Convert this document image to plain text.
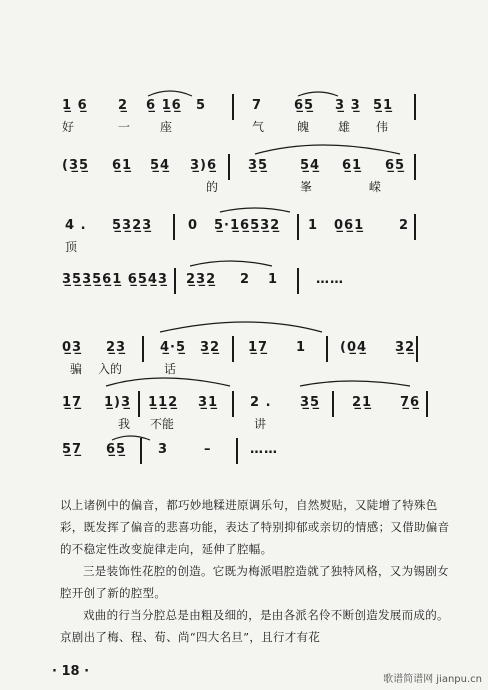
1̲ 6̲ 2̲ 6̲ 1̲6̲ 5	7 6̲5̲ 3̲ 3̲ 5̲1̲
好	一 座	气	魄 雄 伟
(3̲5̲ 6̲1̲ 5̲4̲ 3̲)6̲ 3̲5̲ 5̲4̲ 6̲1̲ 6̲5̲
的	峯	嵘
4 . 5̲3̲2̲3̲	0 5̲·1̲6̲5̲3̲2̲ 1 0̲6̲1̲	2
顶
3̲5̲3̲5̲6̲1̲ 6̲5̲4̲3̲ 2̲3̲2̲ 2 1	……
0̲3̲ 2̲3̲	4̲·5̲ 3̲2̲ 1̲7̲ 1	(0̲4̲ 3̲2̲
骗 入的	话
1̲7̲ 1̲)3̲ 1̲1̲2̲ 3̲1̲ 2 . 3̲5̲ 2̲1̲ 7̲6̲
我 不能	讲
5̲7̲ 6̲5̲ 3	–	……

以上诸例中的偏音，都巧妙地糅进原调乐句，自然熨贴，又陡增了特殊色彩，既发挥了偏音的悲喜功能，表达了特别抑郁或亲切的情感；又借助偏音的不稳定性改变旋律走向，延伸了腔幅。

三是装饰性花腔的创造。它既为梅派唱腔造就了独特风格，又为锡剧女腔开创了新的腔型。

戏曲的行当分腔总是由粗及细的，是由各派名伶不断创造发展而成的。京剧出了梅、程、荀、尚“四大名旦”，且行才有花

· 18 ·
歌谱简谱网 jianpu.cn
